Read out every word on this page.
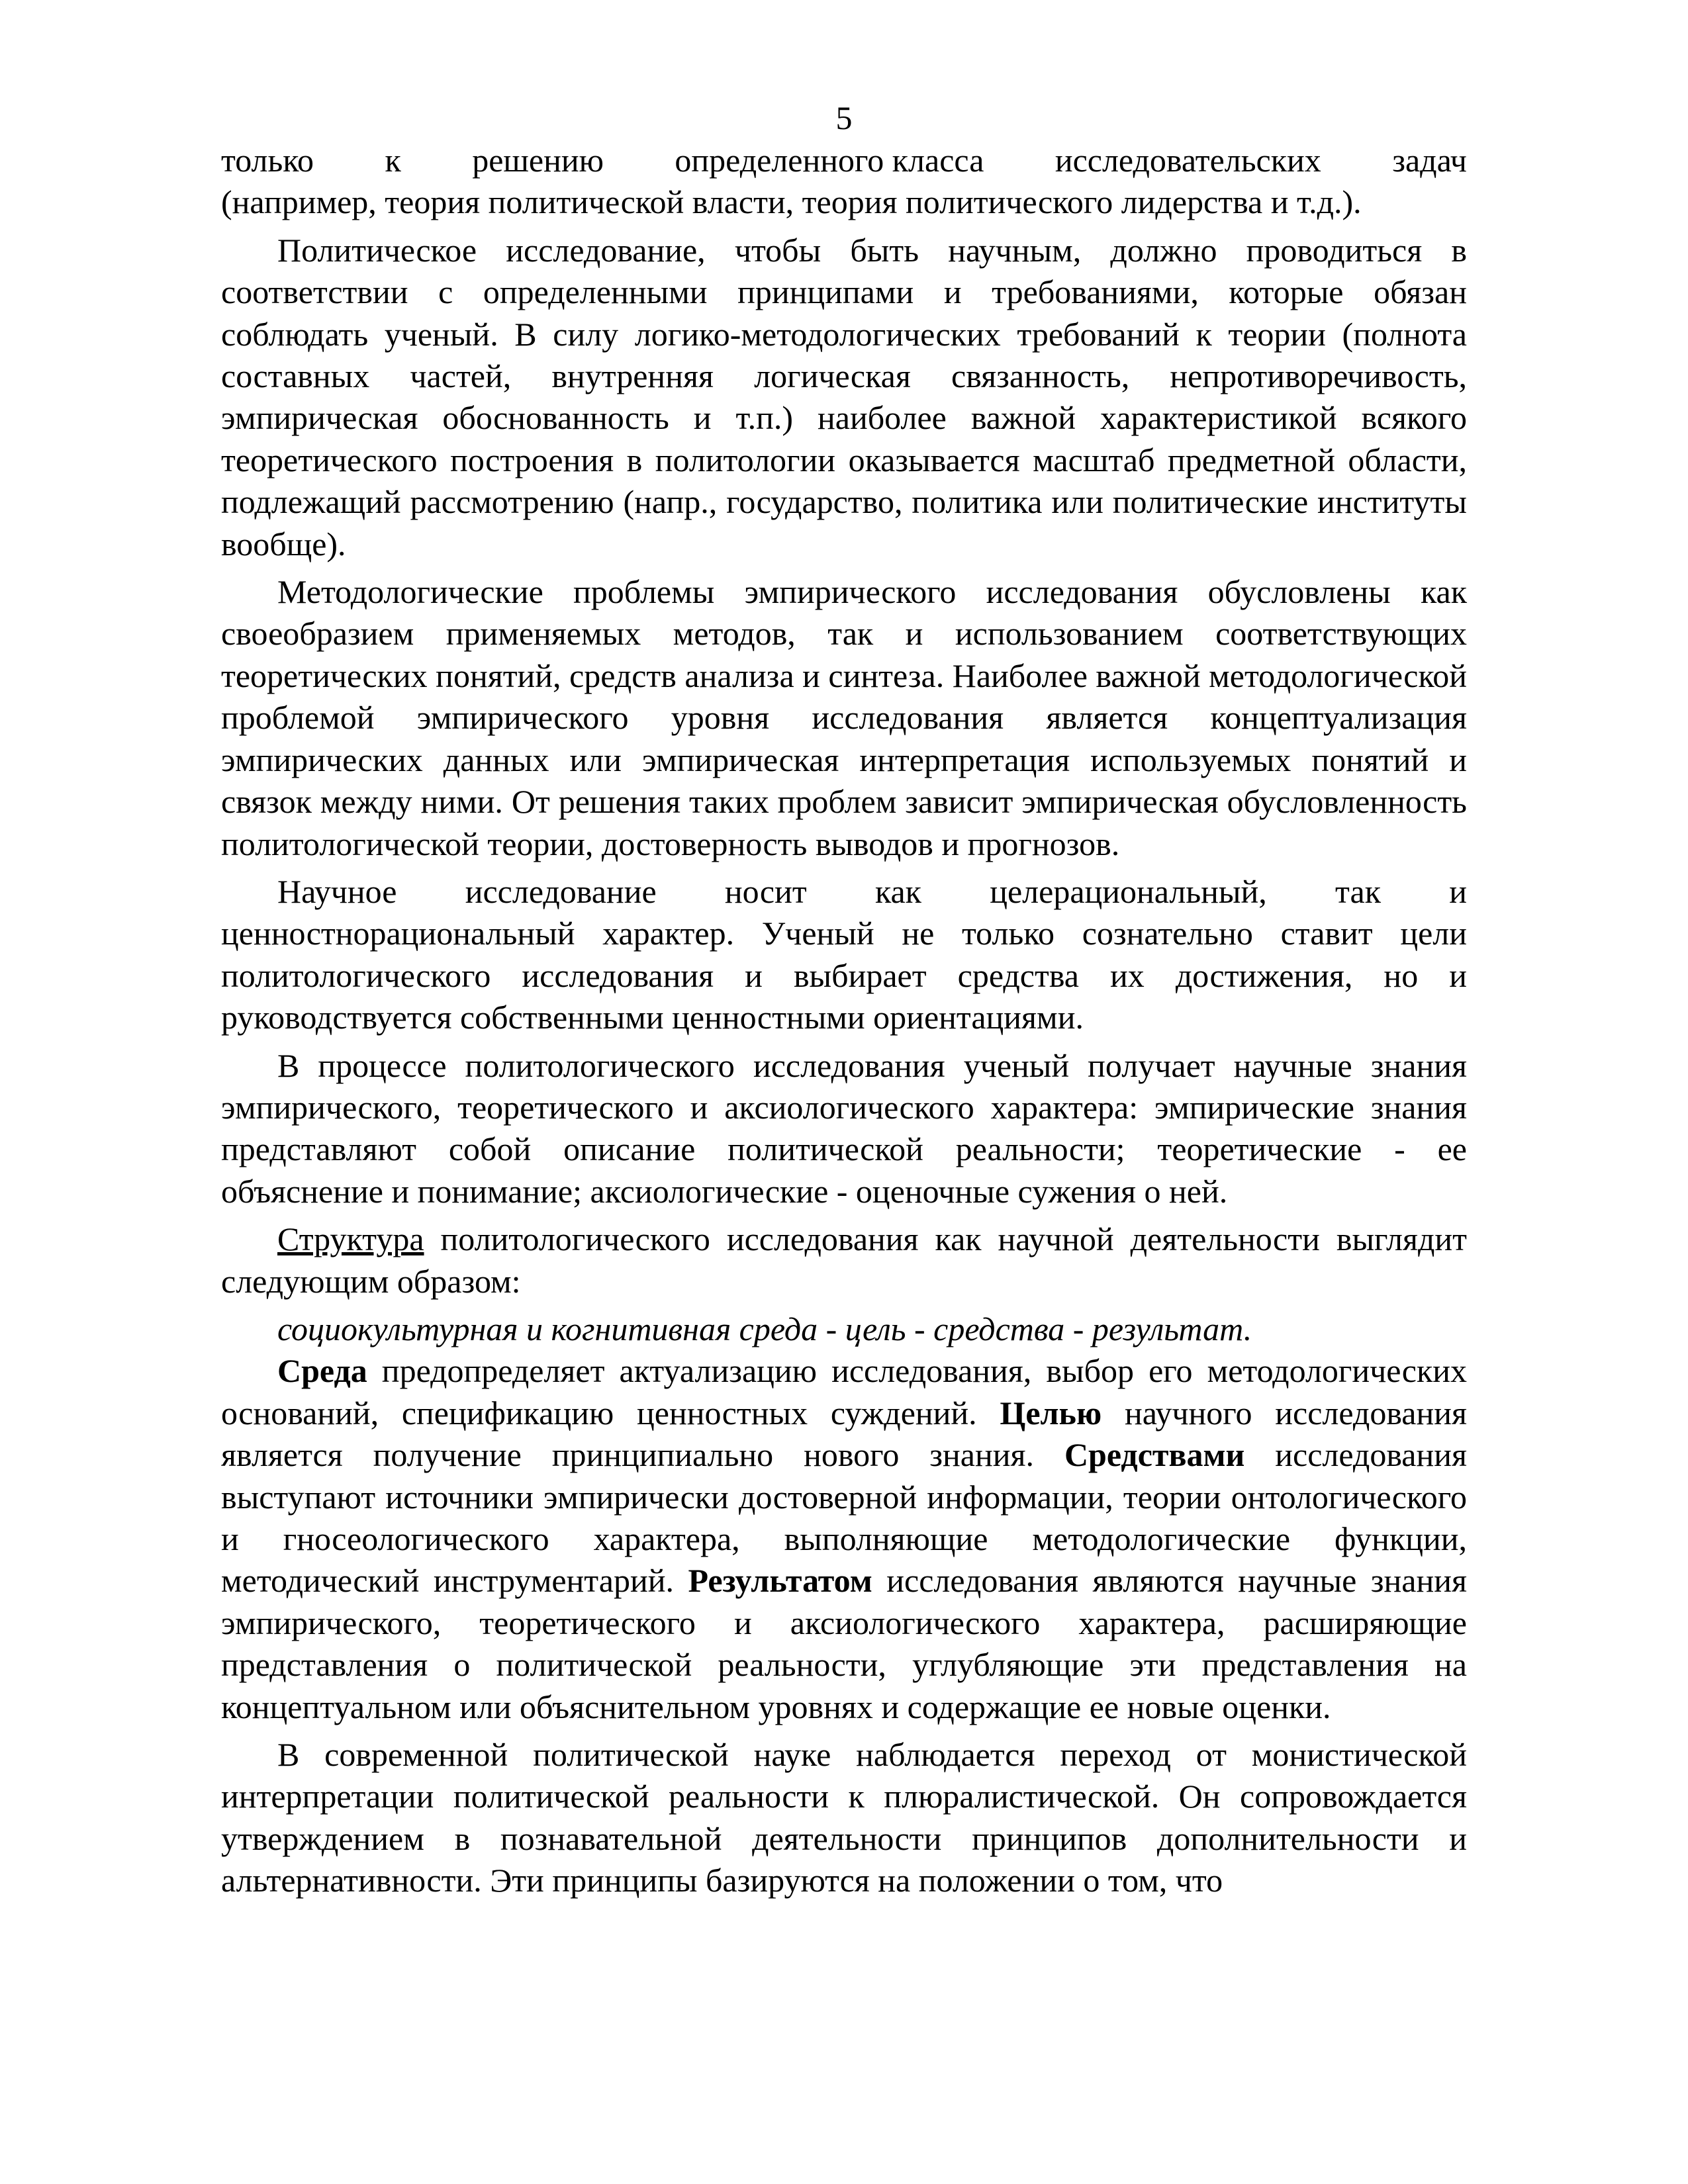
5

только к решению определенного класса исследовательских задач
(например, теория политической власти, теория политического лидерства и т.д.).

Политическое исследование, чтобы быть научным, должно проводиться в соответствии с определенными принципами и требованиями, которые обязан соблюдать ученый. В силу логико-методологических требований к теории (полнота составных частей, внутренняя логическая связанность, непротиворечивость, эмпирическая обоснованность и т.п.) наиболее важной характеристикой всякого теоретического построения в политологии оказывается масштаб предметной области, подлежащий рассмотрению (напр., государство, политика или политические институты вообще).

Методологические проблемы эмпирического исследования обусловлены как своеобразием применяемых методов, так и использованием соответствующих теоретических понятий, средств анализа и синтеза. Наиболее важной методологической проблемой эмпирического уровня исследования является концептуализация эмпирических данных или эмпирическая интерпретация используемых понятий и связок между ними. От решения таких проблем зависит эмпирическая обусловленность политологической теории, достоверность выводов и прогнозов.

Научное исследование носит как целерациональный, так и ценностнорациональный характер. Ученый не только сознательно ставит цели политологического исследования и выбирает средства их достижения, но и руководствуется собственными ценностными ориентациями.

В процессе политологического исследования ученый получает научные знания эмпирического, теоретического и аксиологического характера: эмпирические знания представляют собой описание политической реальности; теоретические - ее объяснение и понимание; аксиологические - оценочные сужения о ней.

Структура политологического исследования как научной деятельности выглядит следующим образом:

социокультурная и когнитивная среда - цель - средства - результат.

Среда предопределяет актуализацию исследования, выбор его методологических оснований, спецификацию ценностных суждений. Целью научного исследования является получение принципиально нового знания. Средствами исследования выступают источники эмпирически достоверной информации, теории онтологического и гносеологического характера, выполняющие методологические функции, методический инструментарий. Результатом исследования являются научные знания эмпирического, теоретического и аксиологического характера, расширяющие представления о политической реальности, углубляющие эти представления на концептуальном или объяснительном уровнях и содержащие ее новые оценки.

В современной политической науке наблюдается переход от монистической интерпретации политической реальности к плюралистической. Он сопровождается утверждением в познавательной деятельности принципов дополнительности и альтернативности. Эти принципы базируются на положении о том, что
